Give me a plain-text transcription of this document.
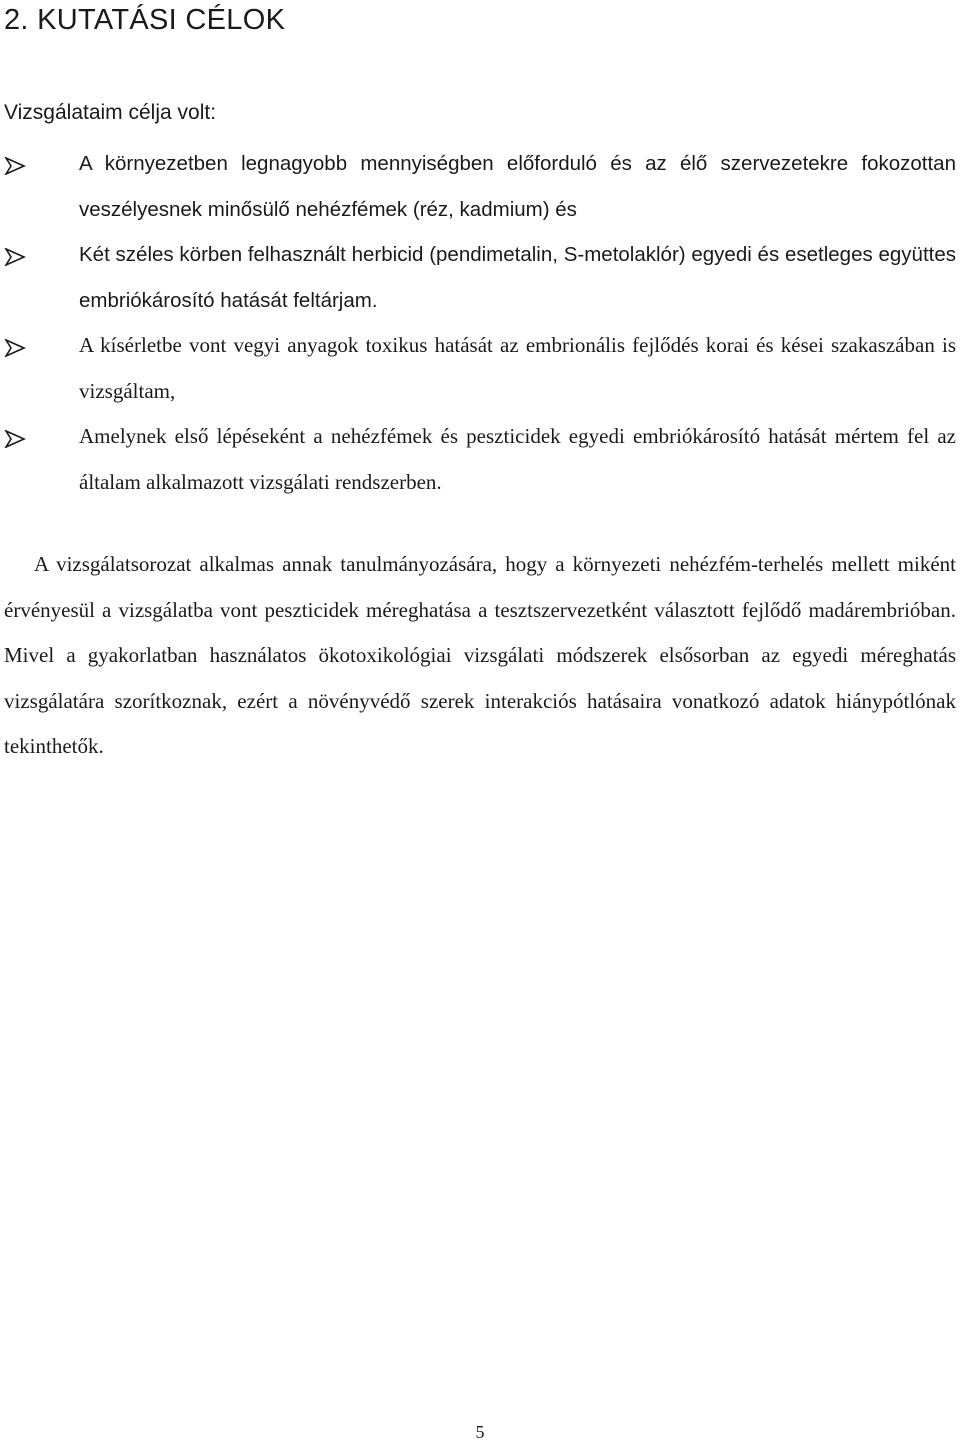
2. KUTATÁSI CÉLOK

Vizsgálataim célja volt:

A környezetben legnagyobb mennyiségben előforduló és az élő szervezetekre fokozottan veszélyesnek minősülő nehézfémek (réz, kadmium) és
Két széles körben felhasznált herbicid (pendimetalin, S-metolaklór) egyedi és esetleges együttes embriókárosító hatását feltárjam.
A kísérletbe vont vegyi anyagok toxikus hatását az embrionális fejlődés korai és kései szakaszában is vizsgáltam,
Amelynek első lépéseként a nehézfémek és peszticidek egyedi embriókárosító hatását mértem fel az általam alkalmazott vizsgálati rendszerben.

A vizsgálatsorozat alkalmas annak tanulmányozására, hogy a környezeti nehézfém-terhelés mellett miként érvényesül a vizsgálatba vont peszticidek méreghatása a tesztszervezetként választott fejlődő madárembrióban. Mivel a gyakorlatban használatos ökotoxikológiai vizsgálati módszerek elsősorban az egyedi méreghatás vizsgálatára szorítkoznak, ezért a növényvédő szerek interakciós hatásaira vonatkozó adatok hiánypótlónak tekinthetők.

5
